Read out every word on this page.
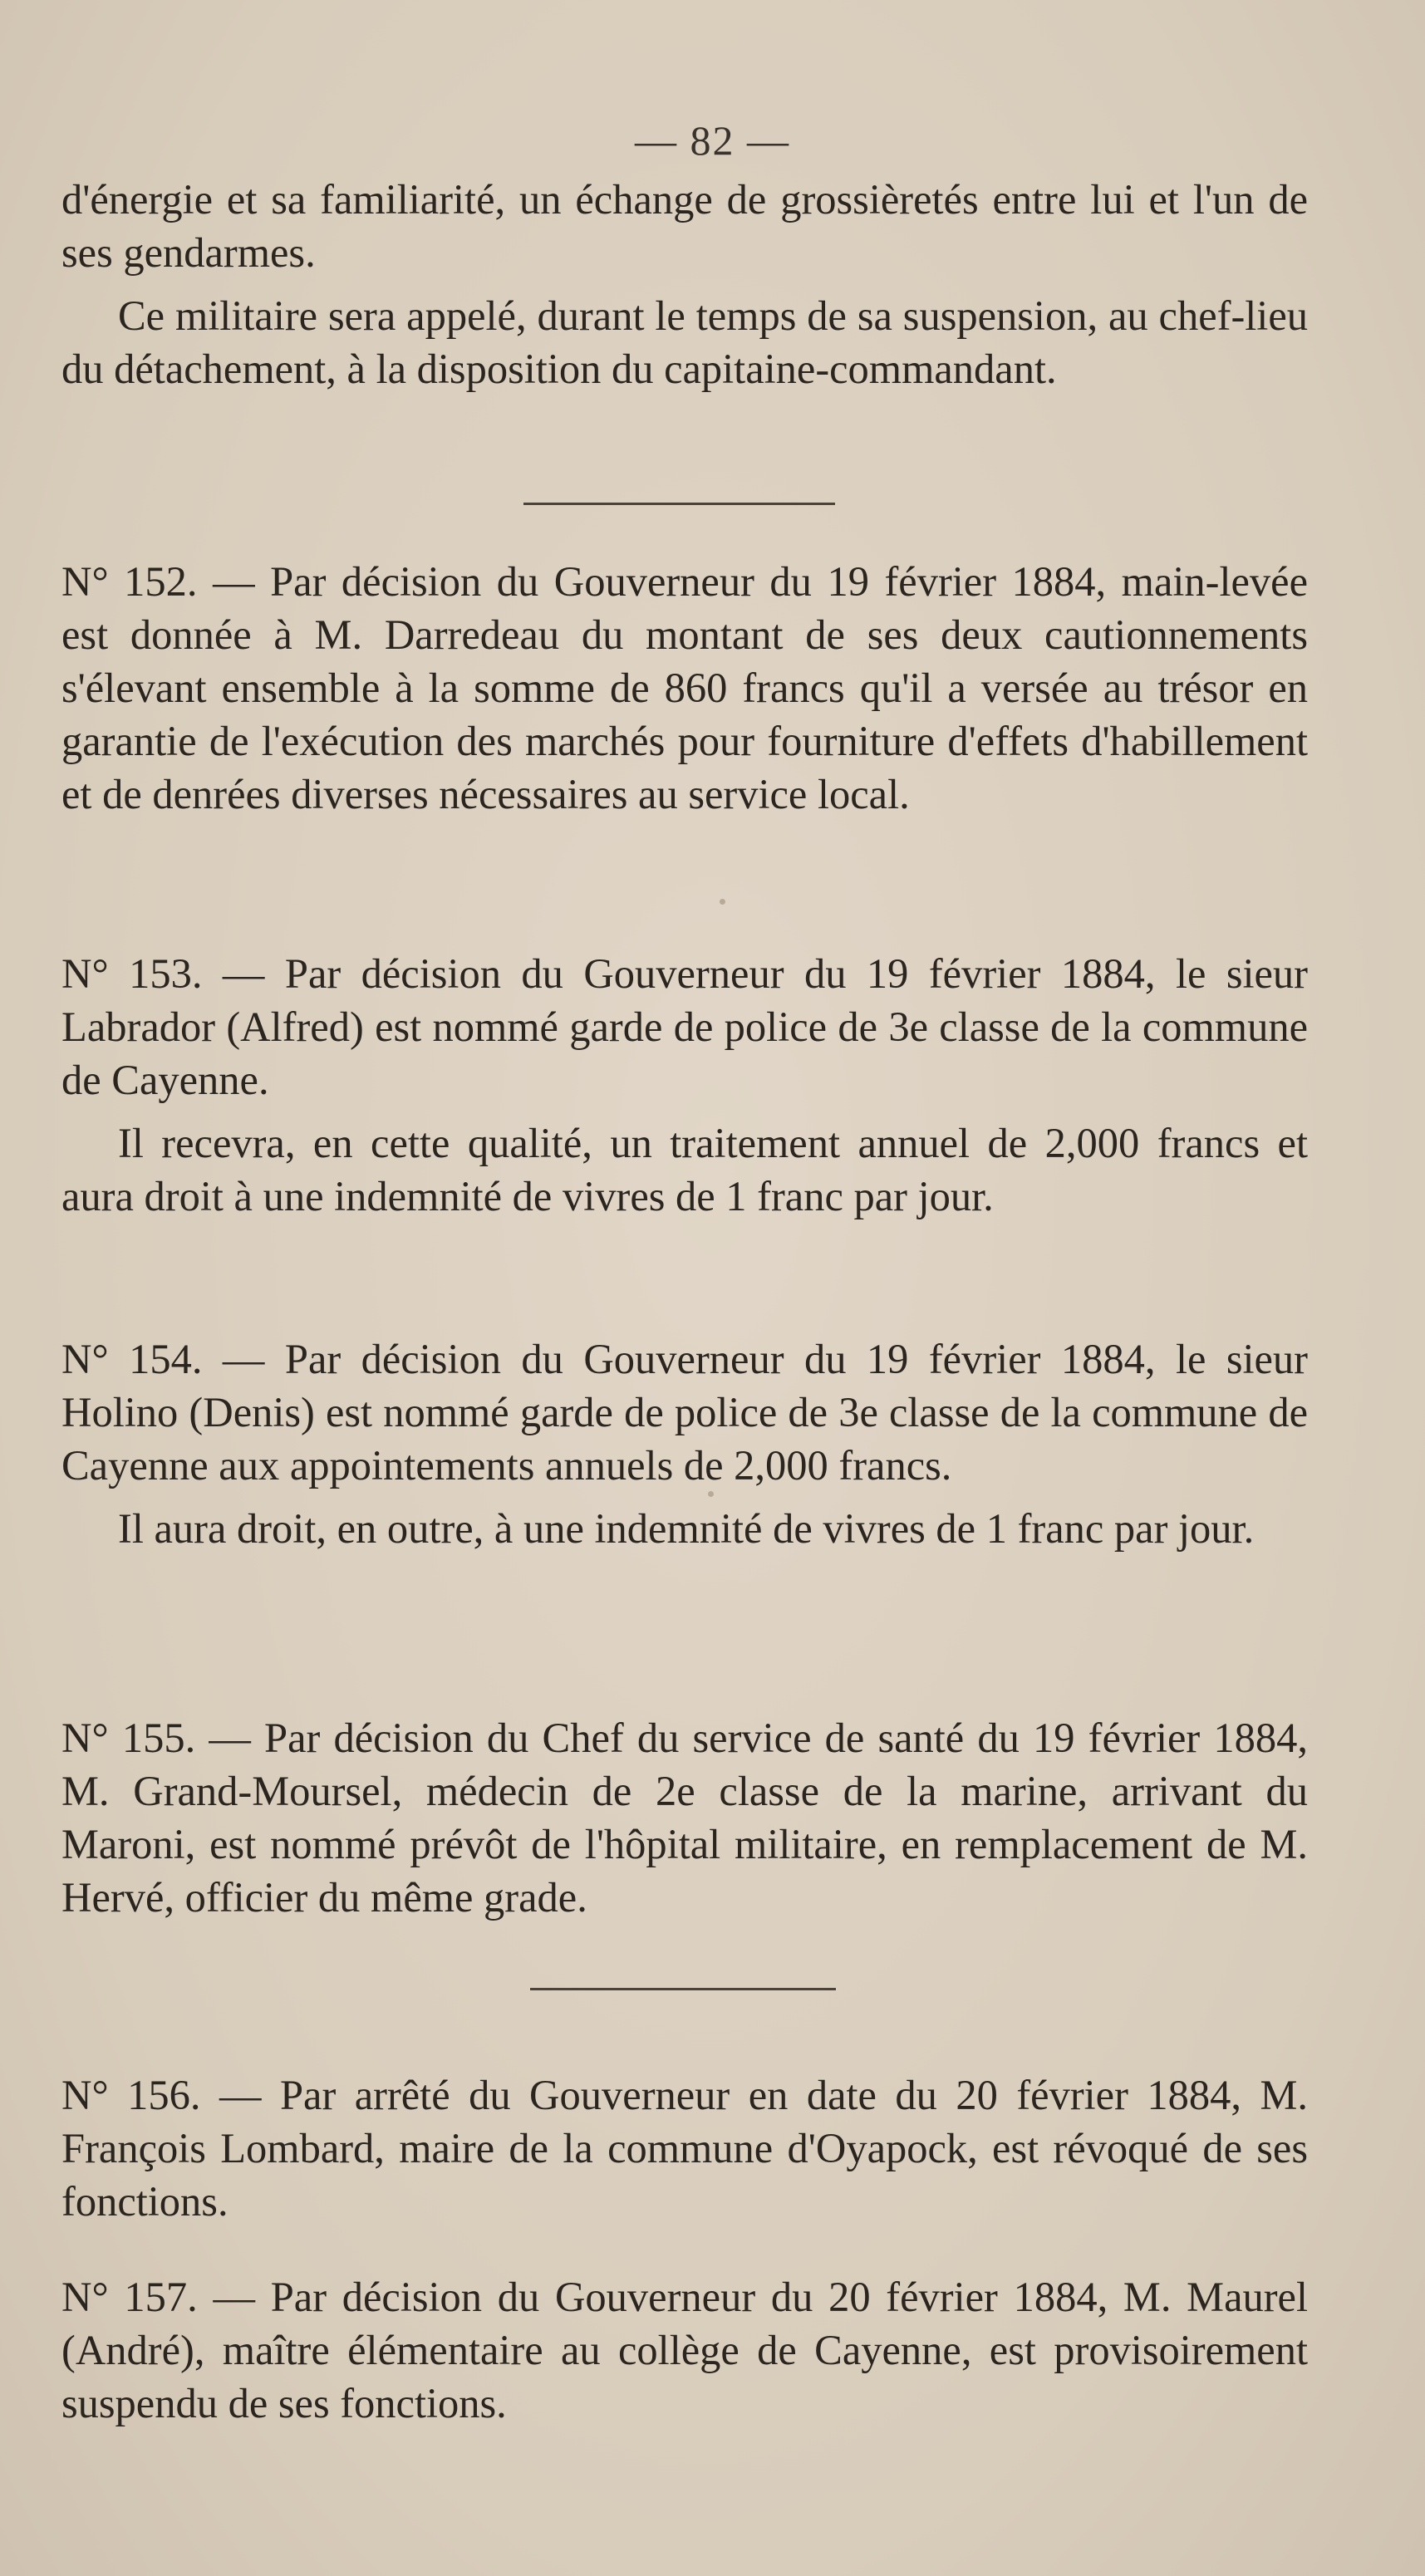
— 82 —

d'énergie et sa familiarité, un échange de grossièretés entre lui et l'un de ses gendarmes.

Ce militaire sera appelé, durant le temps de sa suspension, au chef-lieu du détachement, à la disposition du capitaine-commandant.

N° 152. — Par décision du Gouverneur du 19 février 1884, main-levée est donnée à M. Darredeau du montant de ses deux cautionnements s'élevant ensemble à la somme de 860 francs qu'il a versée au trésor en garantie de l'exécution des marchés pour fourniture d'effets d'habillement et de denrées diverses nécessaires au service local.

N° 153. — Par décision du Gouverneur du 19 février 1884, le sieur Labrador (Alfred) est nommé garde de police de 3e classe de la commune de Cayenne.

Il recevra, en cette qualité, un traitement annuel de 2,000 francs et aura droit à une indemnité de vivres de 1 franc par jour.

N° 154. — Par décision du Gouverneur du 19 février 1884, le sieur Holino (Denis) est nommé garde de police de 3e classe de la commune de Cayenne aux appointements annuels de 2,000 francs.

Il aura droit, en outre, à une indemnité de vivres de 1 franc par jour.

N° 155. — Par décision du Chef du service de santé du 19 février 1884, M. Grand-Moursel, médecin de 2e classe de la marine, arrivant du Maroni, est nommé prévôt de l'hôpital militaire, en remplacement de M. Hervé, officier du même grade.

N° 156. — Par arrêté du Gouverneur en date du 20 février 1884, M. François Lombard, maire de la commune d'Oyapock, est révoqué de ses fonctions.

N° 157. — Par décision du Gouverneur du 20 février 1884, M. Maurel (André), maître élémentaire au collège de Cayenne, est provisoirement suspendu de ses fonctions.
